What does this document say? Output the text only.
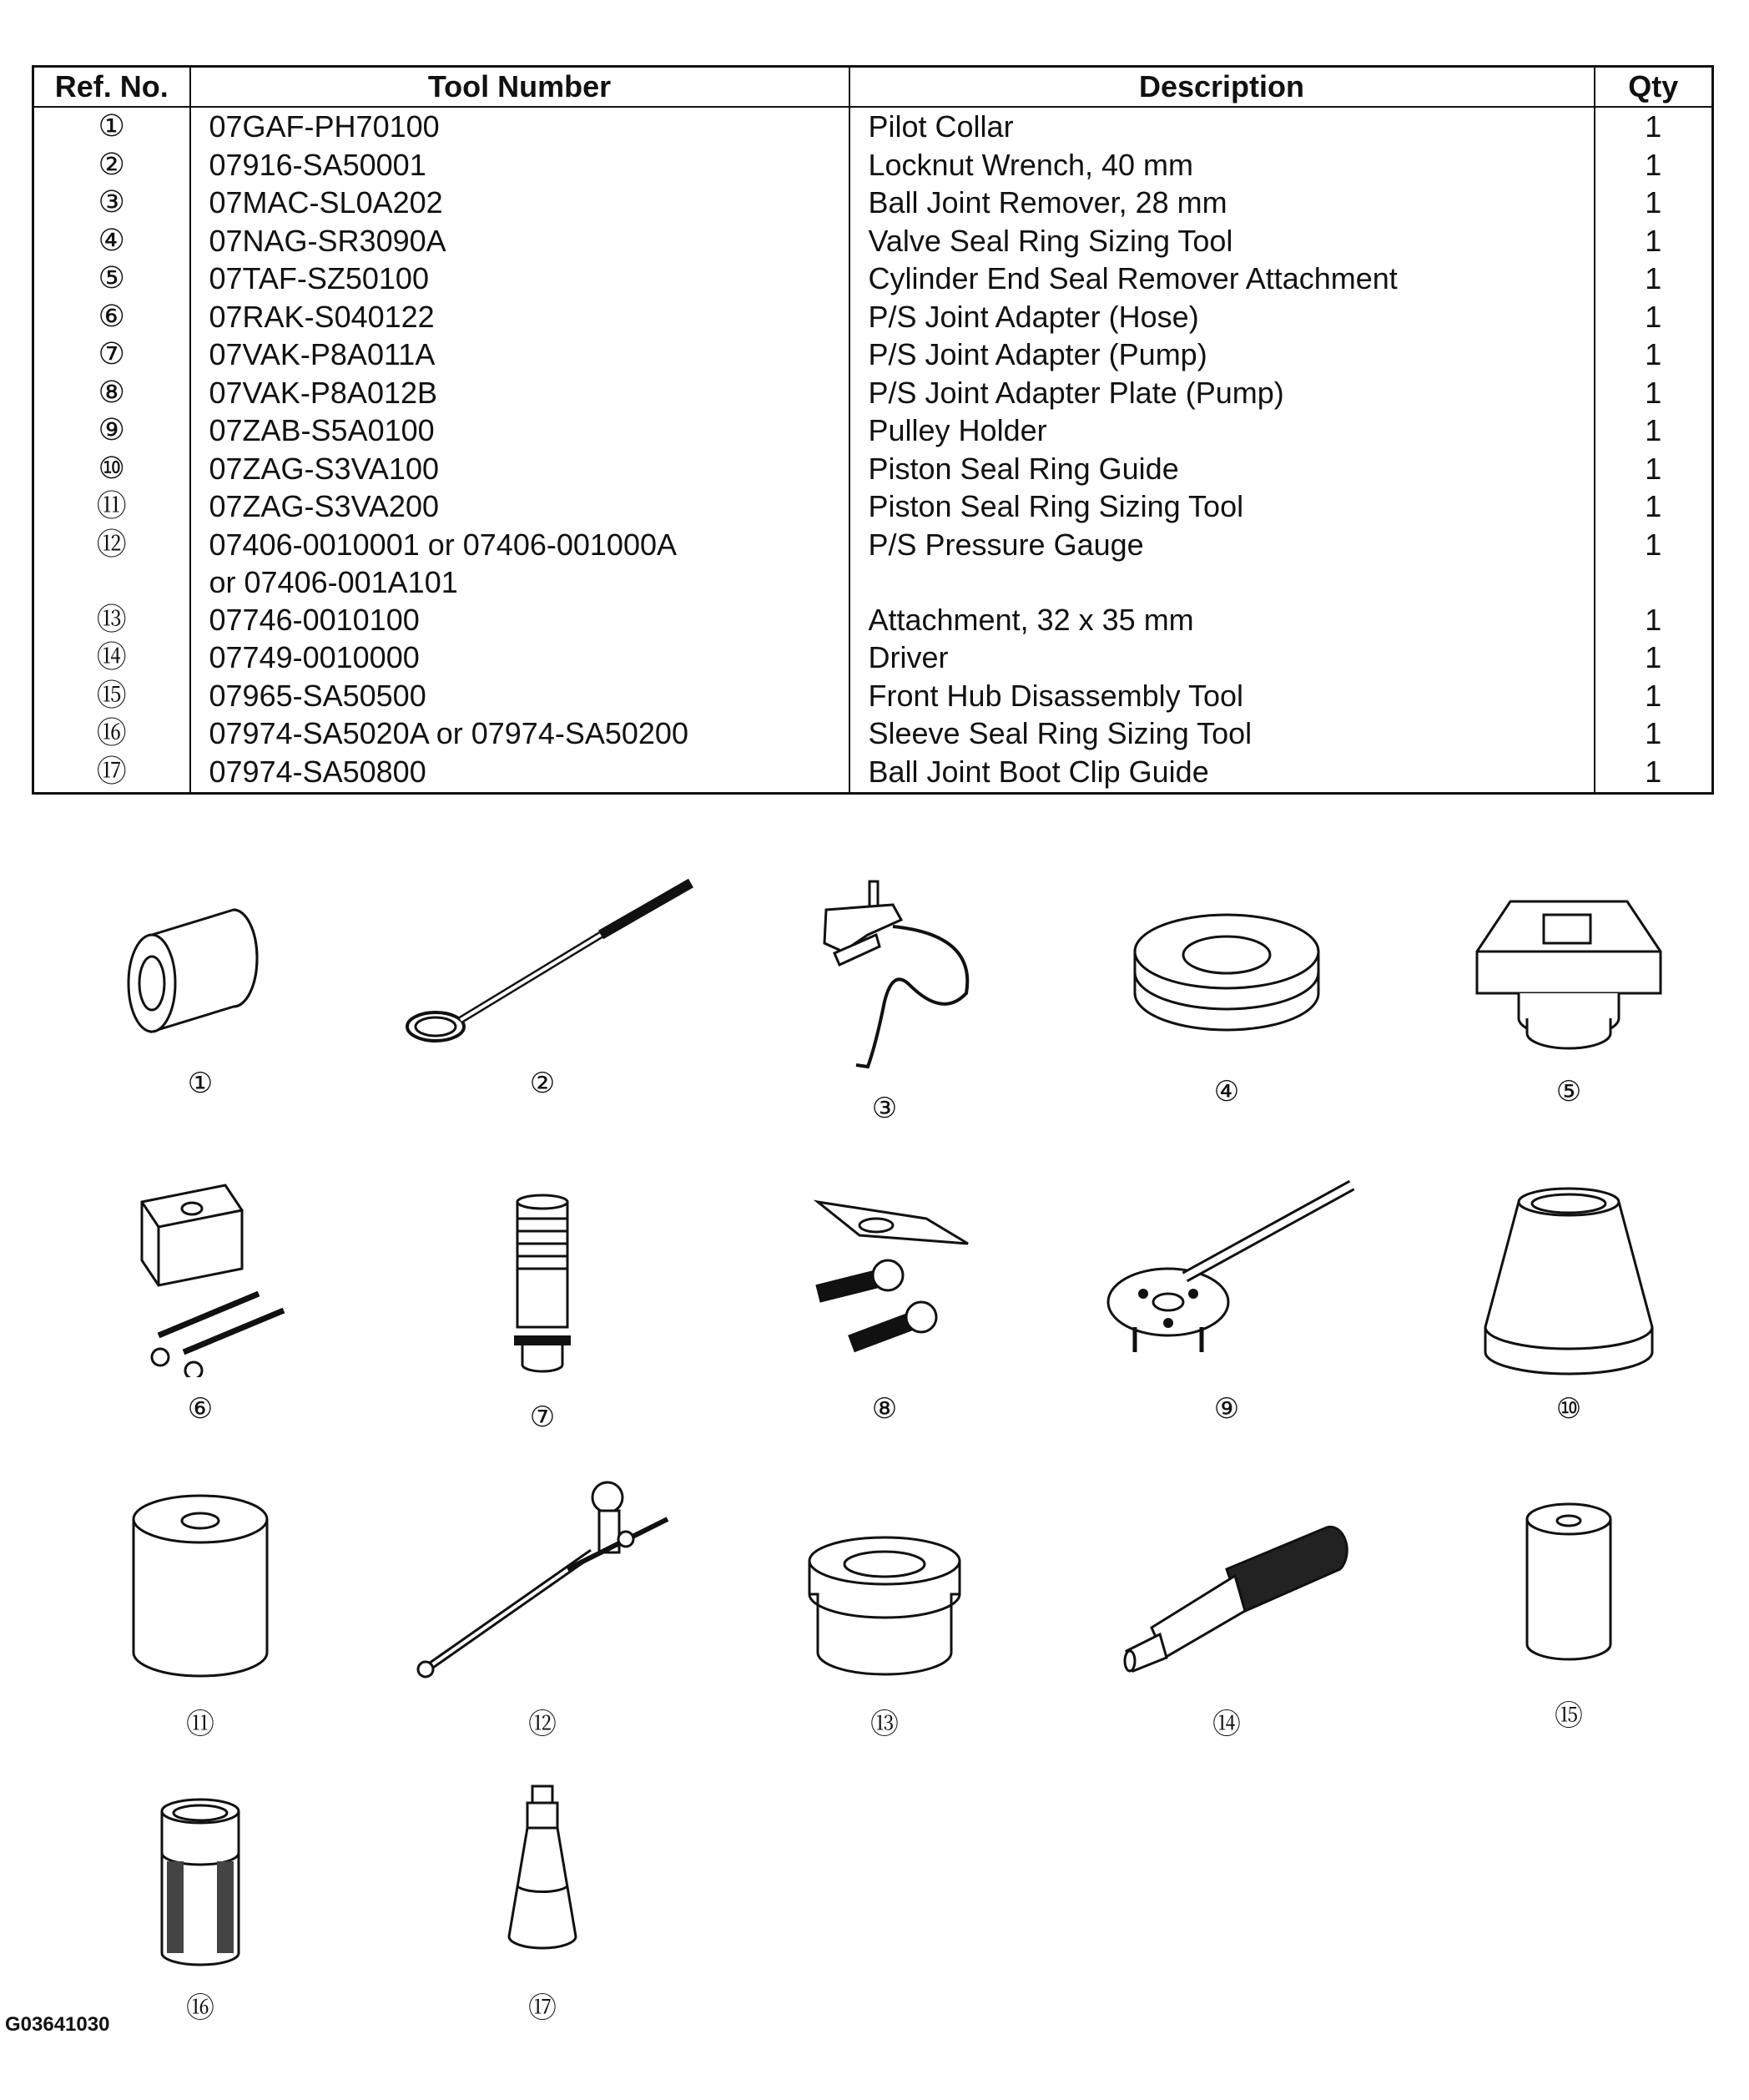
Ref. No.	Tool Number	Description	Qty
①	07GAF-PH70100	Pilot Collar	1
②	07916-SA50001	Locknut Wrench, 40 mm	1
③	07MAC-SL0A202	Ball Joint Remover, 28 mm	1
④	07NAG-SR3090A	Valve Seal Ring Sizing Tool	1
⑤	07TAF-SZ50100	Cylinder End Seal Remover Attachment	1
⑥	07RAK-S040122	P/S Joint Adapter (Hose)	1
⑦	07VAK-P8A011A	P/S Joint Adapter (Pump)	1
⑧	07VAK-P8A012B	P/S Joint Adapter Plate (Pump)	1
⑨	07ZAB-S5A0100	Pulley Holder	1
⑩	07ZAG-S3VA100	Piston Seal Ring Guide	1
⑪	07ZAG-S3VA200	Piston Seal Ring Sizing Tool	1
⑫	07406-0010001 or 07406-001000A
or 07406-001A101	P/S Pressure Gauge	1
⑬	07746-0010100	Attachment, 32 x 35 mm	1
⑭	07749-0010000	Driver	1
⑮	07965-SA50500	Front Hub Disassembly Tool	1
⑯	07974-SA5020A or 07974-SA50200	Sleeve Seal Ring Sizing Tool	1
⑰	07974-SA50800	Ball Joint Boot Clip Guide	1
①	②
③	④	⑤
⑥	⑦	⑧	⑨	⑩
⑪	⑫	⑬	⑭	⑮
⑯	⑰
G03641030
